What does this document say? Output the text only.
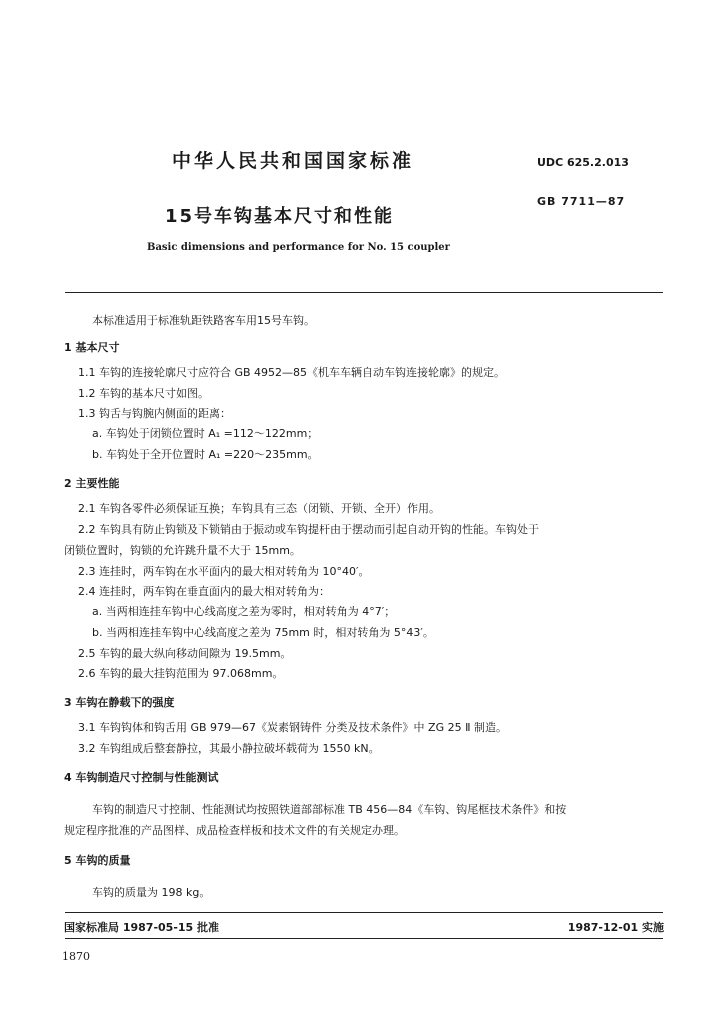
中华人民共和国国家标准	UDC 625.2.013
15号车钩基本尺寸和性能
GB 7711—87
Basic dimensions and performance for No. 15 coupler
本标准适用于标准轨距铁路客车用15号车钩。
1 基本尺寸
1.1 车钩的连接轮廓尺寸应符合 GB 4952—85《机车车辆自动车钩连接轮廓》的规定。
1.2 车钩的基本尺寸如图。
1.3 钩舌与钩腕内侧面的距离：
a. 车钩处于闭锁位置时 A₁ =112～122mm；
b. 车钩处于全开位置时 A₁ =220～235mm。
2 主要性能
2.1 车钩各零件必须保证互换；车钩具有三态（闭锁、开锁、全开）作用。
2.2 车钩具有防止钩锁及下锁销由于振动或车钩提杆由于摆动而引起自动开钩的性能。车钩处于
闭锁位置时，钩锁的允许跳升量不大于 15mm。
2.3 连挂时，两车钩在水平面内的最大相对转角为 10°40′。
2.4 连挂时，两车钩在垂直面内的最大相对转角为：
a. 当两相连挂车钩中心线高度之差为零时，相对转角为 4°7′；
b. 当两相连挂车钩中心线高度之差为 75mm 时，相对转角为 5°43′。
2.5 车钩的最大纵向移动间隙为 19.5mm。
2.6 车钩的最大挂钩范围为 97.068mm。
3 车钩在静载下的强度
3.1 车钩钩体和钩舌用 GB 979—67《炭素钢铸件 分类及技术条件》中 ZG 25 Ⅱ 制造。
3.2 车钩组成后整套静拉，其最小静拉破坏载荷为 1550 kN。
4 车钩制造尺寸控制与性能测试
车钩的制造尺寸控制、性能测试均按照铁道部部标准 TB 456—84《车钩、钩尾框技术条件》和按
规定程序批准的产品图样、成品检查样板和技术文件的有关规定办理。
5 车钩的质量
车钩的质量为 198 kg。
国家标准局 1987-05-15 批准	1987-12-01 实施
1870
